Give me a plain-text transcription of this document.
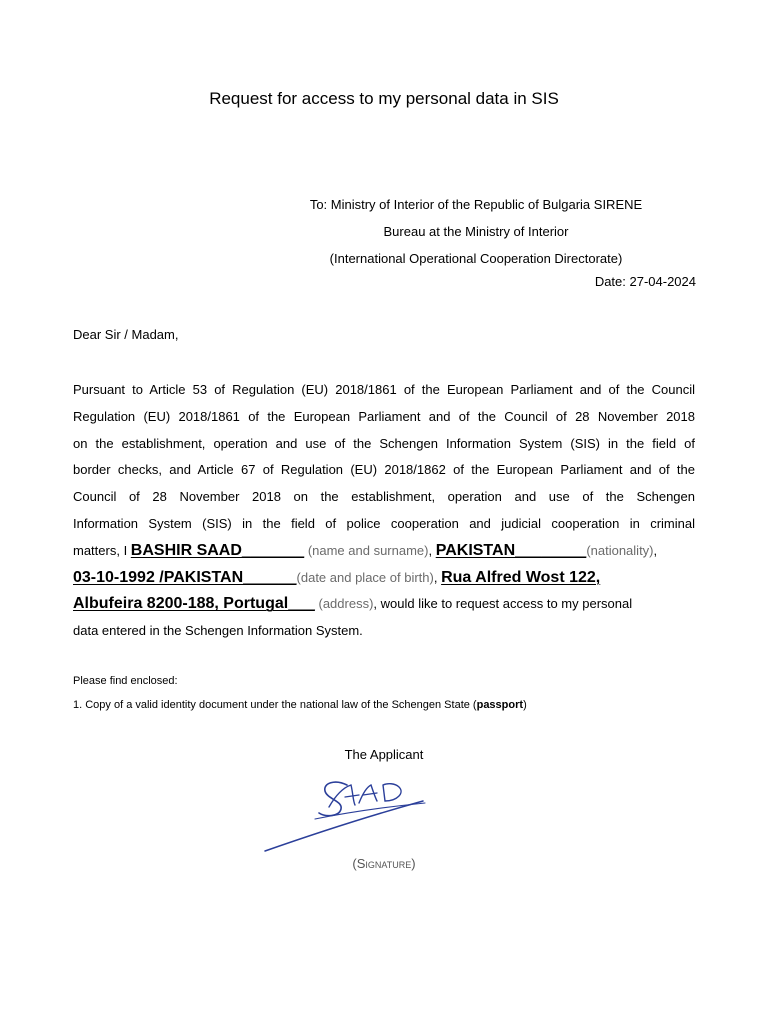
Request for access to my personal data in SIS
To: Ministry of Interior of the Republic of Bulgaria SIRENE
Bureau at the Ministry of Interior
(International Operational Cooperation Directorate)
Date: 27-04-2024
Dear Sir / Madam,
Pursuant to Article 53 of Regulation (EU) 2018/1861 of the European Parliament and of the Council
Regulation (EU) 2018/1861 of the European Parliament and of the Council of 28 November 2018
on the establishment, operation and use of the Schengen Information System (SIS) in the field of
border checks, and Article 67 of Regulation (EU) 2018/1862 of the European Parliament and of the
Council of 28 November 2018 on the establishment, operation and use of the Schengen
Information System (SIS) in the field of police cooperation and judicial cooperation in criminal
matters, I BASHIR SAAD_______ (name and surname), PAKISTAN________(nationality),
03-10-1992 /PAKISTAN______(date and place of birth), Rua Alfred Wost 122,
Albufeira 8200-188, Portugal___ (address), would like to request access to my personal
data entered in the Schengen Information System.
Please find enclosed:
1. Copy of a valid identity document under the national law of the Schengen State (passport)
The Applicant
(Signature)
